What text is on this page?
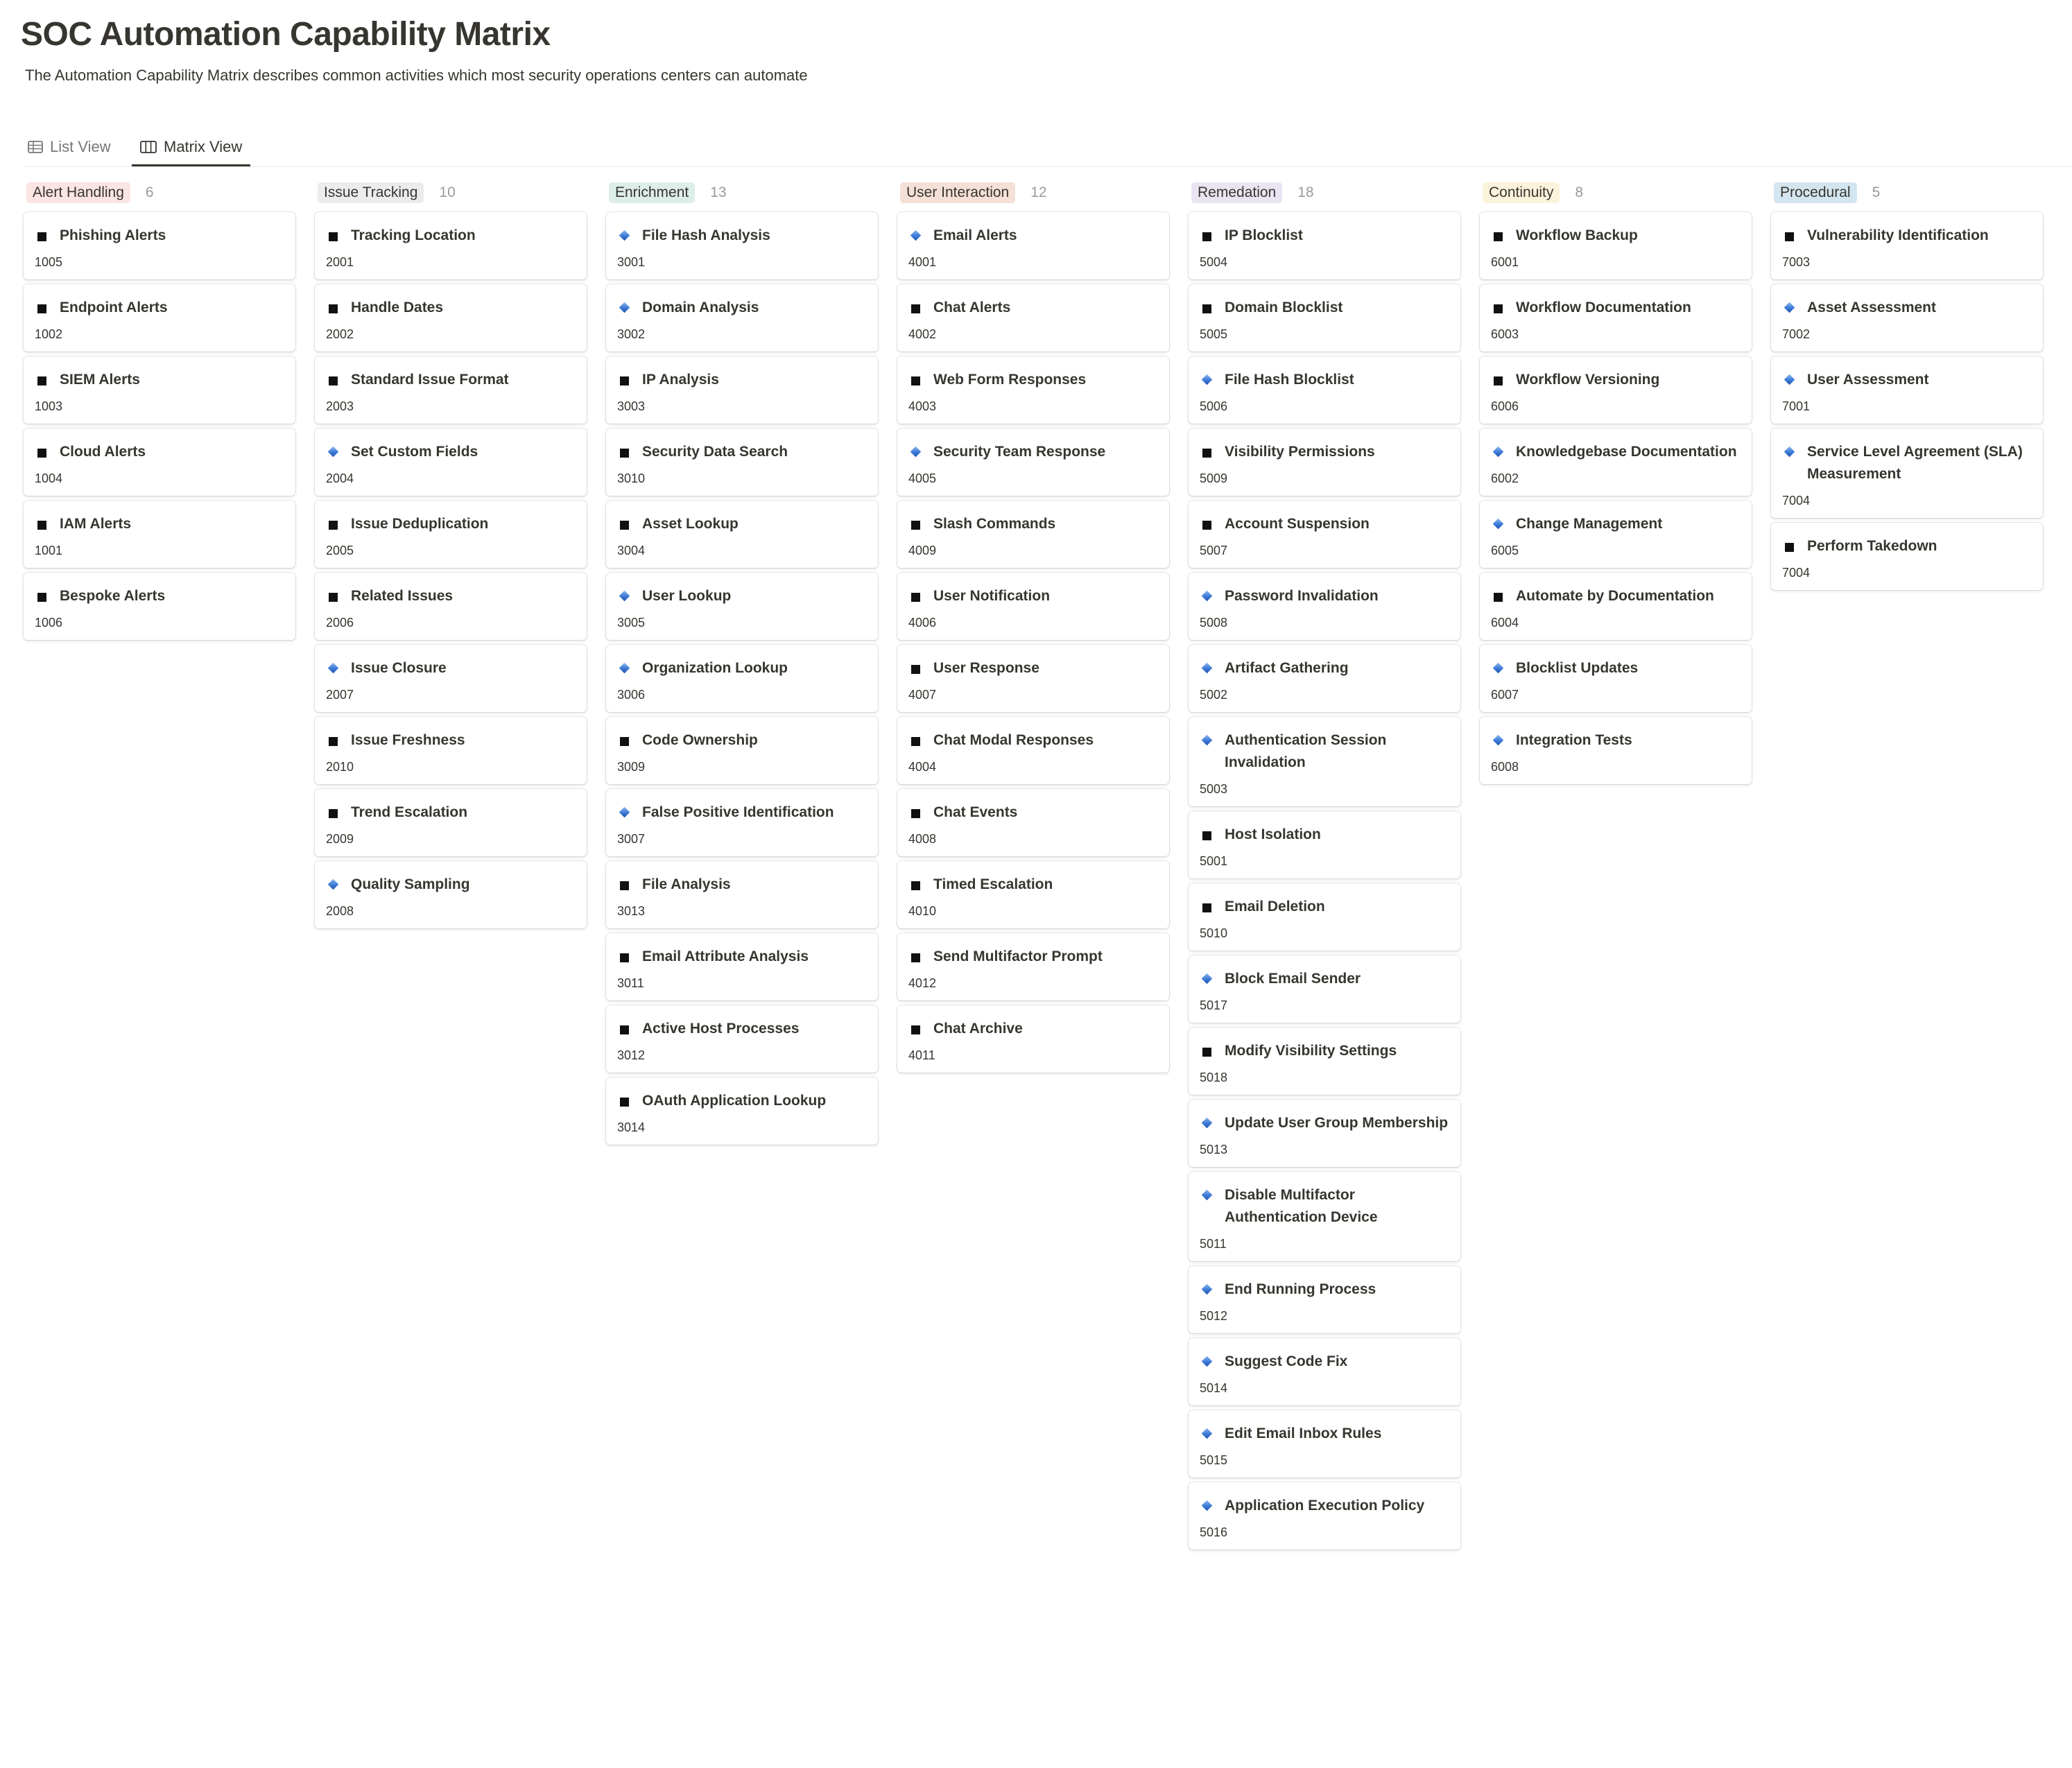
SOC Automation Capability Matrix
The Automation Capability Matrix describes common activities which most security operations centers can automate
List View	Matrix View
Alert Handling	6
Phishing Alerts
1005
Endpoint Alerts
1002
SIEM Alerts
1003
Cloud Alerts
1004
IAM Alerts
1001
Bespoke Alerts
1006
Issue Tracking	10
Tracking Location
2001
Handle Dates
2002
Standard Issue Format
2003
Set Custom Fields
2004
Issue Deduplication
2005
Related Issues
2006
Issue Closure
2007
Issue Freshness
2010
Trend Escalation
2009
Quality Sampling
2008
Enrichment	13
File Hash Analysis
3001
Domain Analysis
3002
IP Analysis
3003
Security Data Search
3010
Asset Lookup
3004
User Lookup
3005
Organization Lookup
3006
Code Ownership
3009
False Positive Identification
3007
File Analysis
3013
Email Attribute Analysis
3011
Active Host Processes
3012
OAuth Application Lookup
3014
User Interaction	12
Email Alerts
4001
Chat Alerts
4002
Web Form Responses
4003
Security Team Response
4005
Slash Commands
4009
User Notification
4006
User Response
4007
Chat Modal Responses
4004
Chat Events
4008
Timed Escalation
4010
Send Multifactor Prompt
4012
Chat Archive
4011
Remedation	18
IP Blocklist
5004
Domain Blocklist
5005
File Hash Blocklist
5006
Visibility Permissions
5009
Account Suspension
5007
Password Invalidation
5008
Artifact Gathering
5002
Authentication Session Invalidation
5003
Host Isolation
5001
Email Deletion
5010
Block Email Sender
5017
Modify Visibility Settings
5018
Update User Group Membership
5013
Disable Multifactor Authentication Device
5011
End Running Process
5012
Suggest Code Fix
5014
Edit Email Inbox Rules
5015
Application Execution Policy
5016
Continuity	8
Workflow Backup
6001
Workflow Documentation
6003
Workflow Versioning
6006
Knowledgebase Documentation
6002
Change Management
6005
Automate by Documentation
6004
Blocklist Updates
6007
Integration Tests
6008
Procedural	5
Vulnerability Identification
7003
Asset Assessment
7002
User Assessment
7001
Service Level Agreement (SLA) Measurement
7004
Perform Takedown
7004
